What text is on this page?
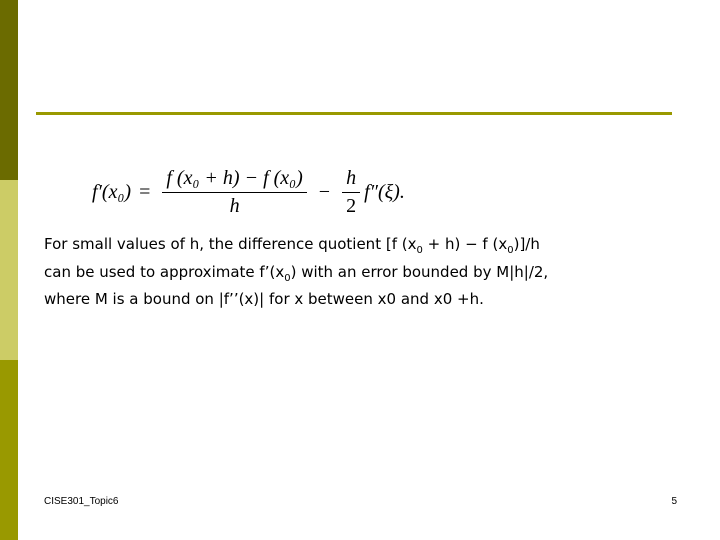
$f'(x_0) = \frac{\text{f (x₀ + h) − f (x₀)}}{h} - \frac{h}{2} f''(\xi)$.

For small values of h, the difference quotient [f $(x_0 + h) - f$ $(x_0)]/h$
can be used to approximate $f’(x_0)$ with an error bounded by M|h|/2,
where M is a bound on |f’’(x)| for x between x0 and x0 +h.

CISE301_Topic6	5
